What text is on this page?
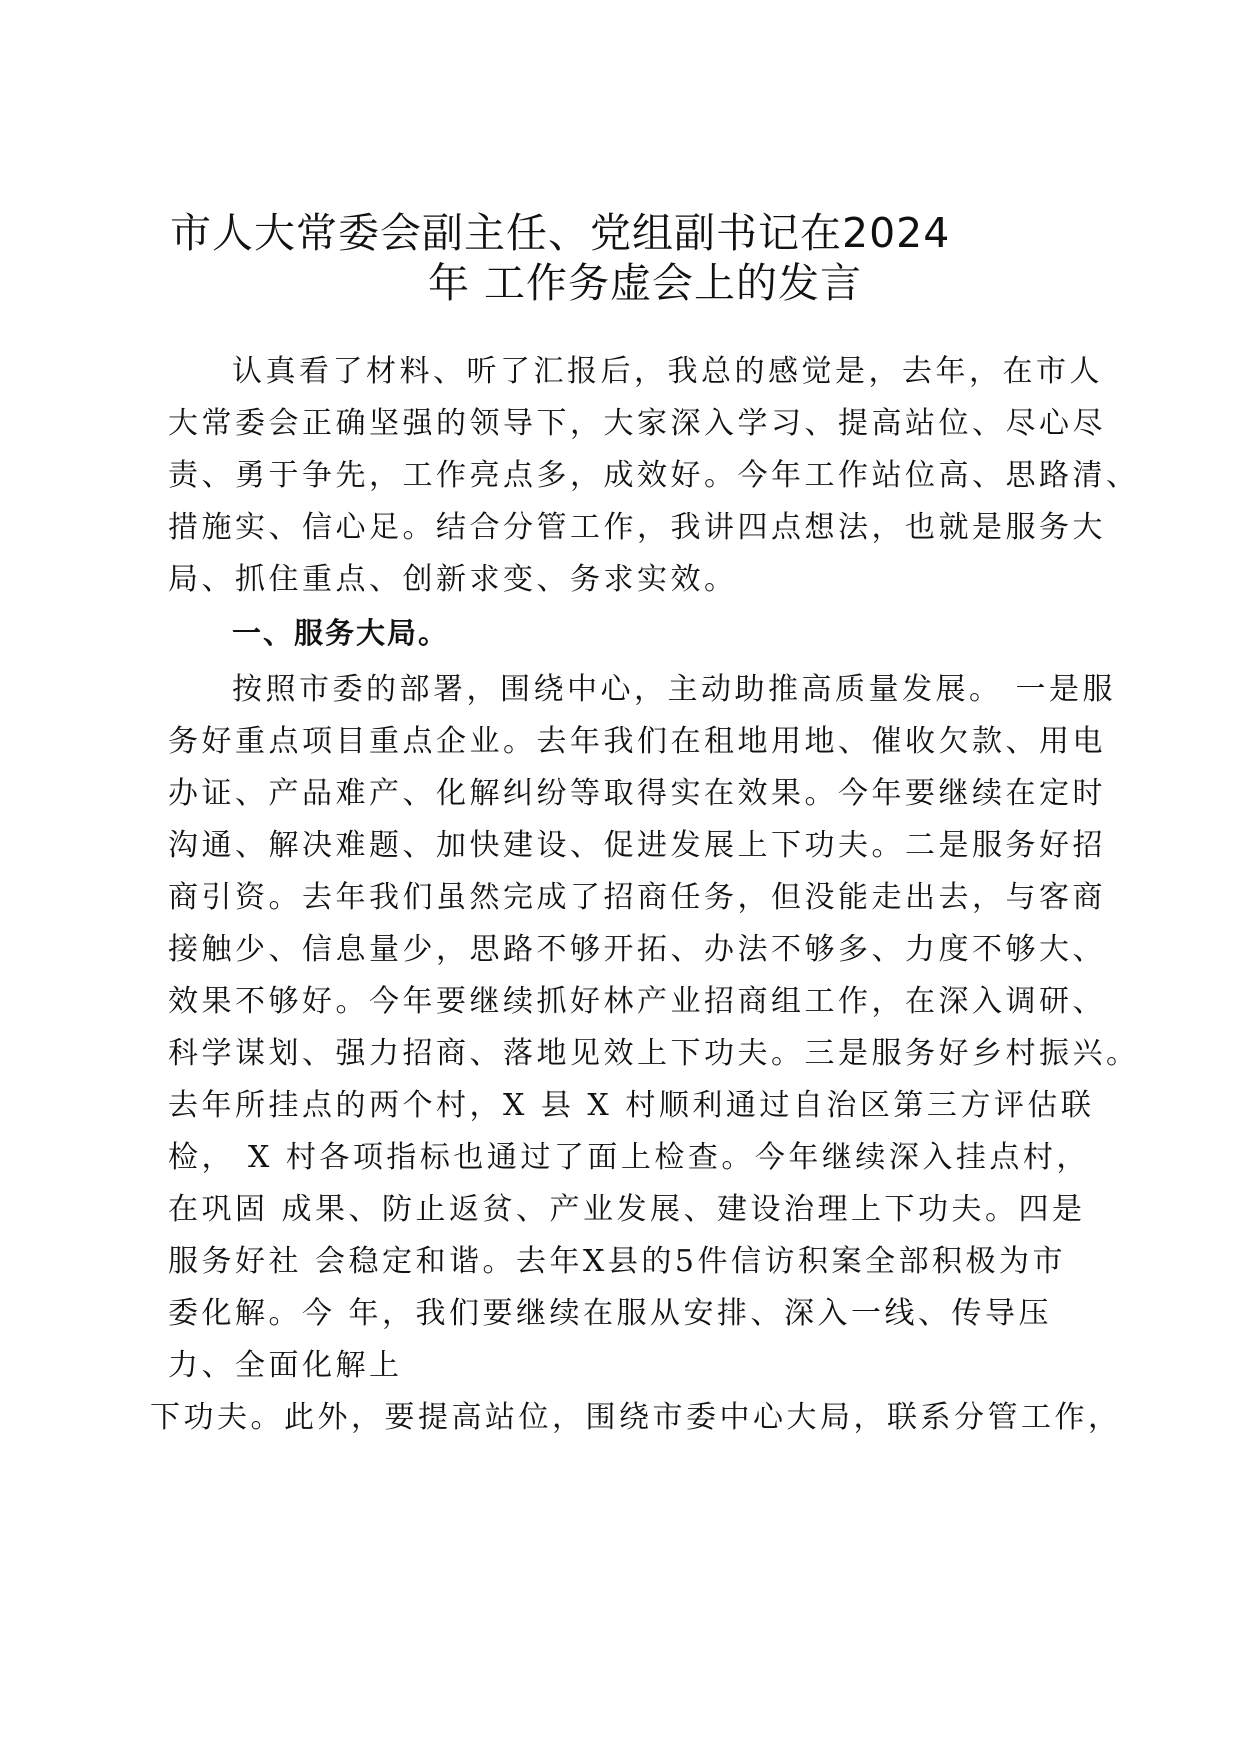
市人大常委会副主任、党组副书记在2024
年 工作务虚会上的发言
认真看了材料、听了汇报后，我总的感觉是，去年，在市人
大常委会正确坚强的领导下，大家深入学习、提高站位、尽心尽
责、勇于争先，工作亮点多，成效好。今年工作站位高、思路清、
措施实、信心足。结合分管工作，我讲四点想法，也就是服务大
局、抓住重点、创新求变、务求实效。
一、服务大局。
按照市委的部署，围绕中心，主动助推高质量发展。 一是服
务好重点项目重点企业。去年我们在租地用地、催收欠款、用电
办证、产品难产、化解纠纷等取得实在效果。今年要继续在定时
沟通、解决难题、加快建设、促进发展上下功夫。二是服务好招
商引资。去年我们虽然完成了招商任务，但没能走出去，与客商
接触少、信息量少，思路不够开拓、办法不够多、力度不够大、
效果不够好。今年要继续抓好林产业招商组工作，在深入调研、
科学谋划、强力招商、落地见效上下功夫。三是服务好乡村振兴。
去年所挂点的两个村，X 县 X 村顺利通过自治区第三方评估联
检， X 村各项指标也通过了面上检查。今年继续深入挂点村，
在巩固 成果、防止返贫、产业发展、建设治理上下功夫。四是
服务好社 会稳定和谐。去年X县的5件信访积案全部积极为市
委化解。今 年，我们要继续在服从安排、深入一线、传导压
力、全面化解上
下功夫。此外，要提高站位，围绕市委中心大局，联系分管工作，
